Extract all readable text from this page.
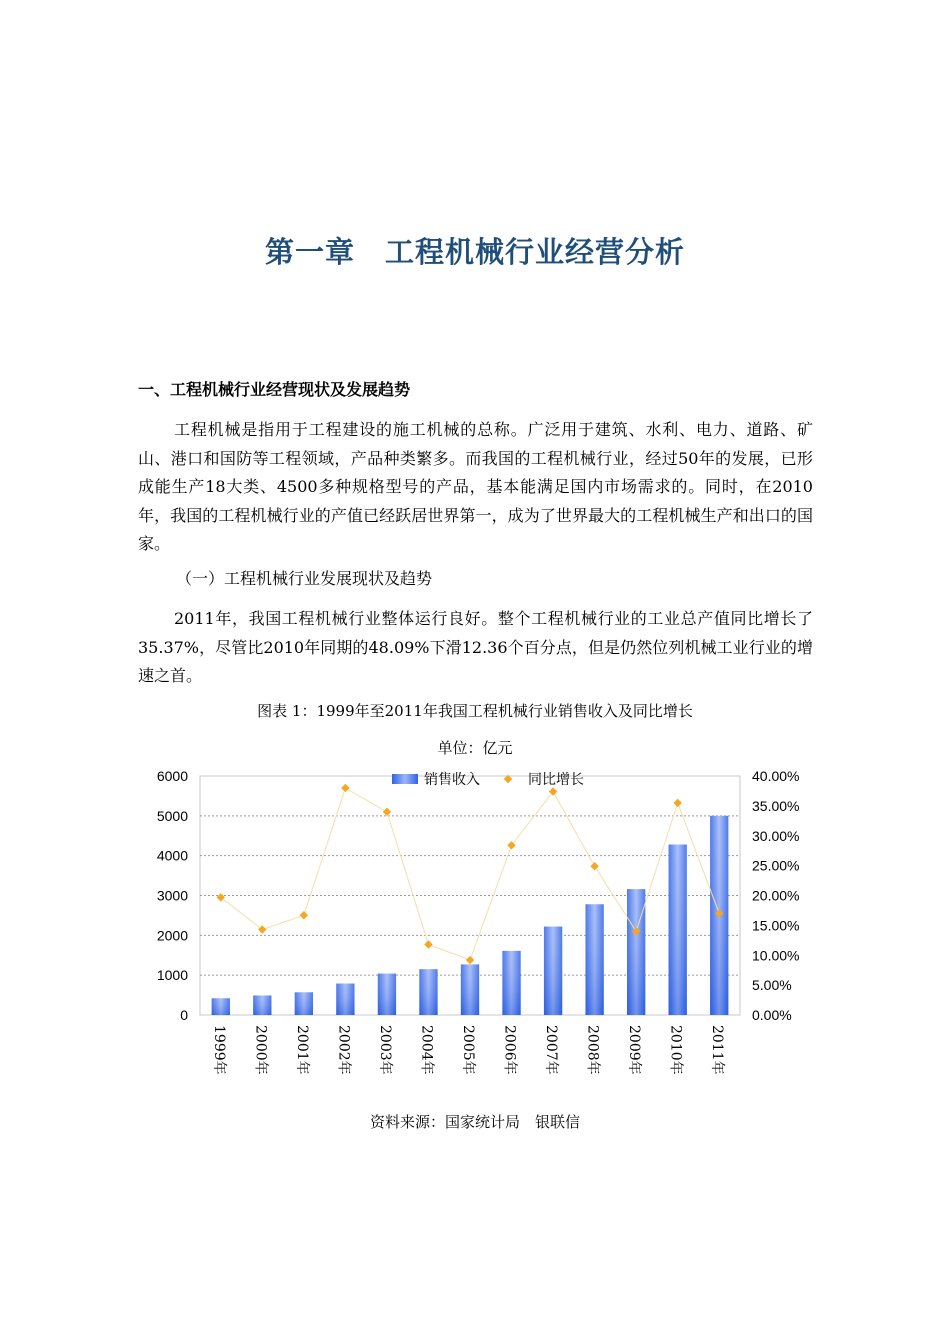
第一章　工程机械行业经营分析
一、工程机械行业经营现状及发展趋势

工程机械是指用于工程建设的施工机械的总称。广泛用于建筑、水利、电力、道路、矿山、港口和国防等工程领域，产品种类繁多。而我国的工程机械行业，经过50年的发展，已形成能生产18大类、4500多种规格型号的产品，基本能满足国内市场需求的。同时，在2010年，我国的工程机械行业的产值已经跃居世界第一，成为了世界最大的工程机械生产和出口的国家。

（一）工程机械行业发展现状及趋势

2011年，我国工程机械行业整体运行良好。整个工程机械行业的工业总产值同比增长了35.37%，尽管比2010年同期的48.09%下滑12.36个百分点，但是仍然位列机械工业行业的增速之首。

图表 1：1999年至2011年我国工程机械行业销售收入及同比增长
单位：亿元
0
1000
2000
3000
4000
5000
6000
0.00%
5.00%
10.00%
15.00%
20.00%
25.00%
30.00%
35.00%
40.00%
1999年 2000年 2001年 2002年 2003年 2004年 2005年 2006年 2007年 2008年 2009年 2010年 2011年
销售收入	同比增长
资料来源：国家统计局　银联信
